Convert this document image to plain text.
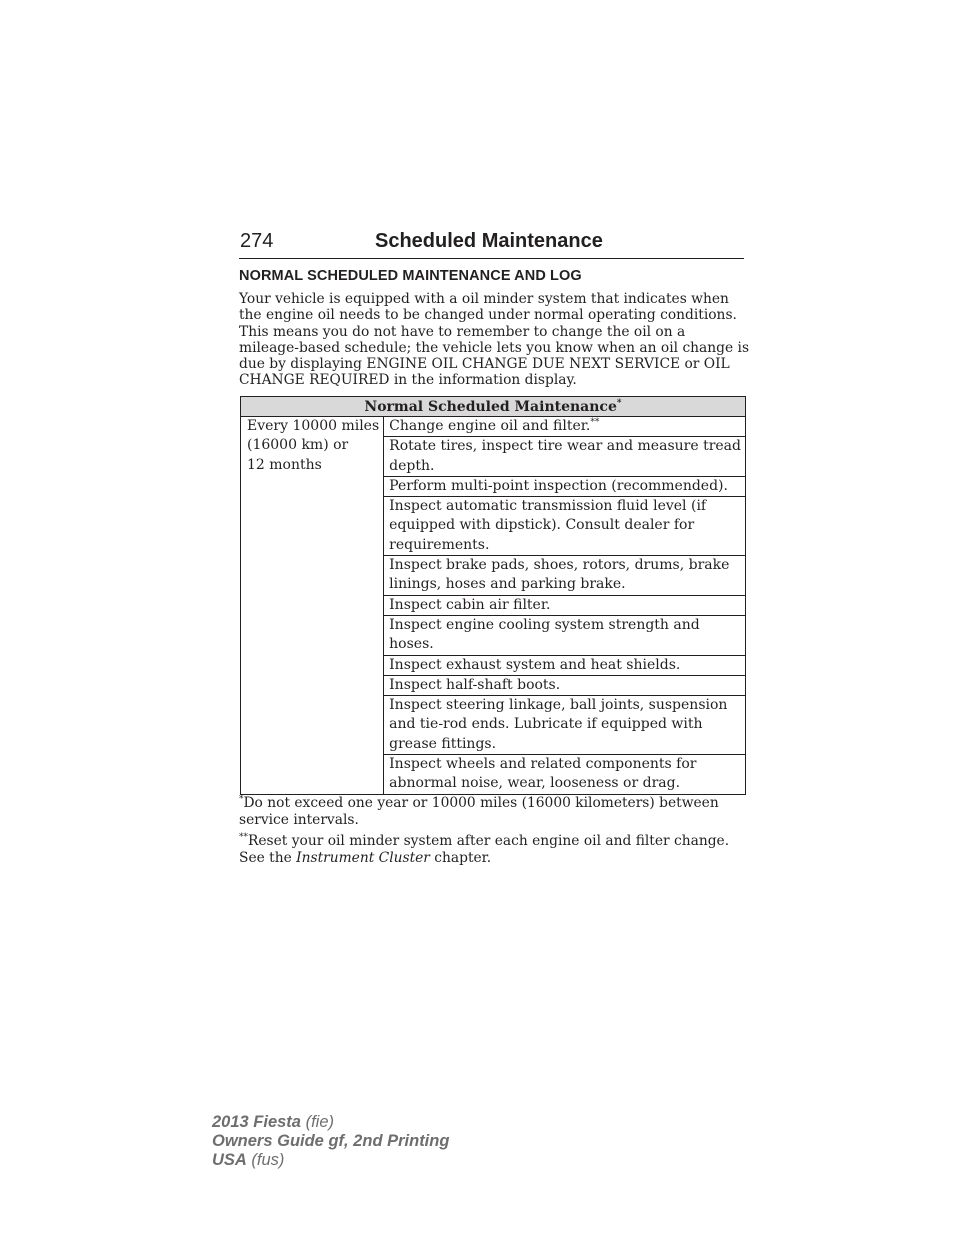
274	Scheduled Maintenance
NORMAL SCHEDULED MAINTENANCE AND LOG
Your vehicle is equipped with a oil minder system that indicates when
the engine oil needs to be changed under normal operating conditions.
This means you do not have to remember to change the oil on a
mileage-based schedule; the vehicle lets you know when an oil change is
due by displaying ENGINE OIL CHANGE DUE NEXT SERVICE or OIL
CHANGE REQUIRED in the information display.
Normal Scheduled Maintenance*

Every 10000 miles
(16000 km) or
12 months

Change engine oil and filter.**

Rotate tires, inspect tire wear and measure tread
depth.

Perform multi-point inspection (recommended).

Inspect automatic transmission fluid level (if
equipped with dipstick). Consult dealer for
requirements.

Inspect brake pads, shoes, rotors, drums, brake
linings, hoses and parking brake.

Inspect cabin air filter.

Inspect engine cooling system strength and
hoses.

Inspect exhaust system and heat shields.

Inspect half-shaft boots.

Inspect steering linkage, ball joints, suspension
and tie-rod ends. Lubricate if equipped with
grease fittings.

Inspect wheels and related components for
abnormal noise, wear, looseness or drag.
*Do not exceed one year or 10000 miles (16000 kilometers) between
service intervals.
**Reset your oil minder system after each engine oil and filter change.
See the Instrument Cluster chapter.
2013 Fiesta (fie)
Owners Guide gf, 2nd Printing
USA (fus)
